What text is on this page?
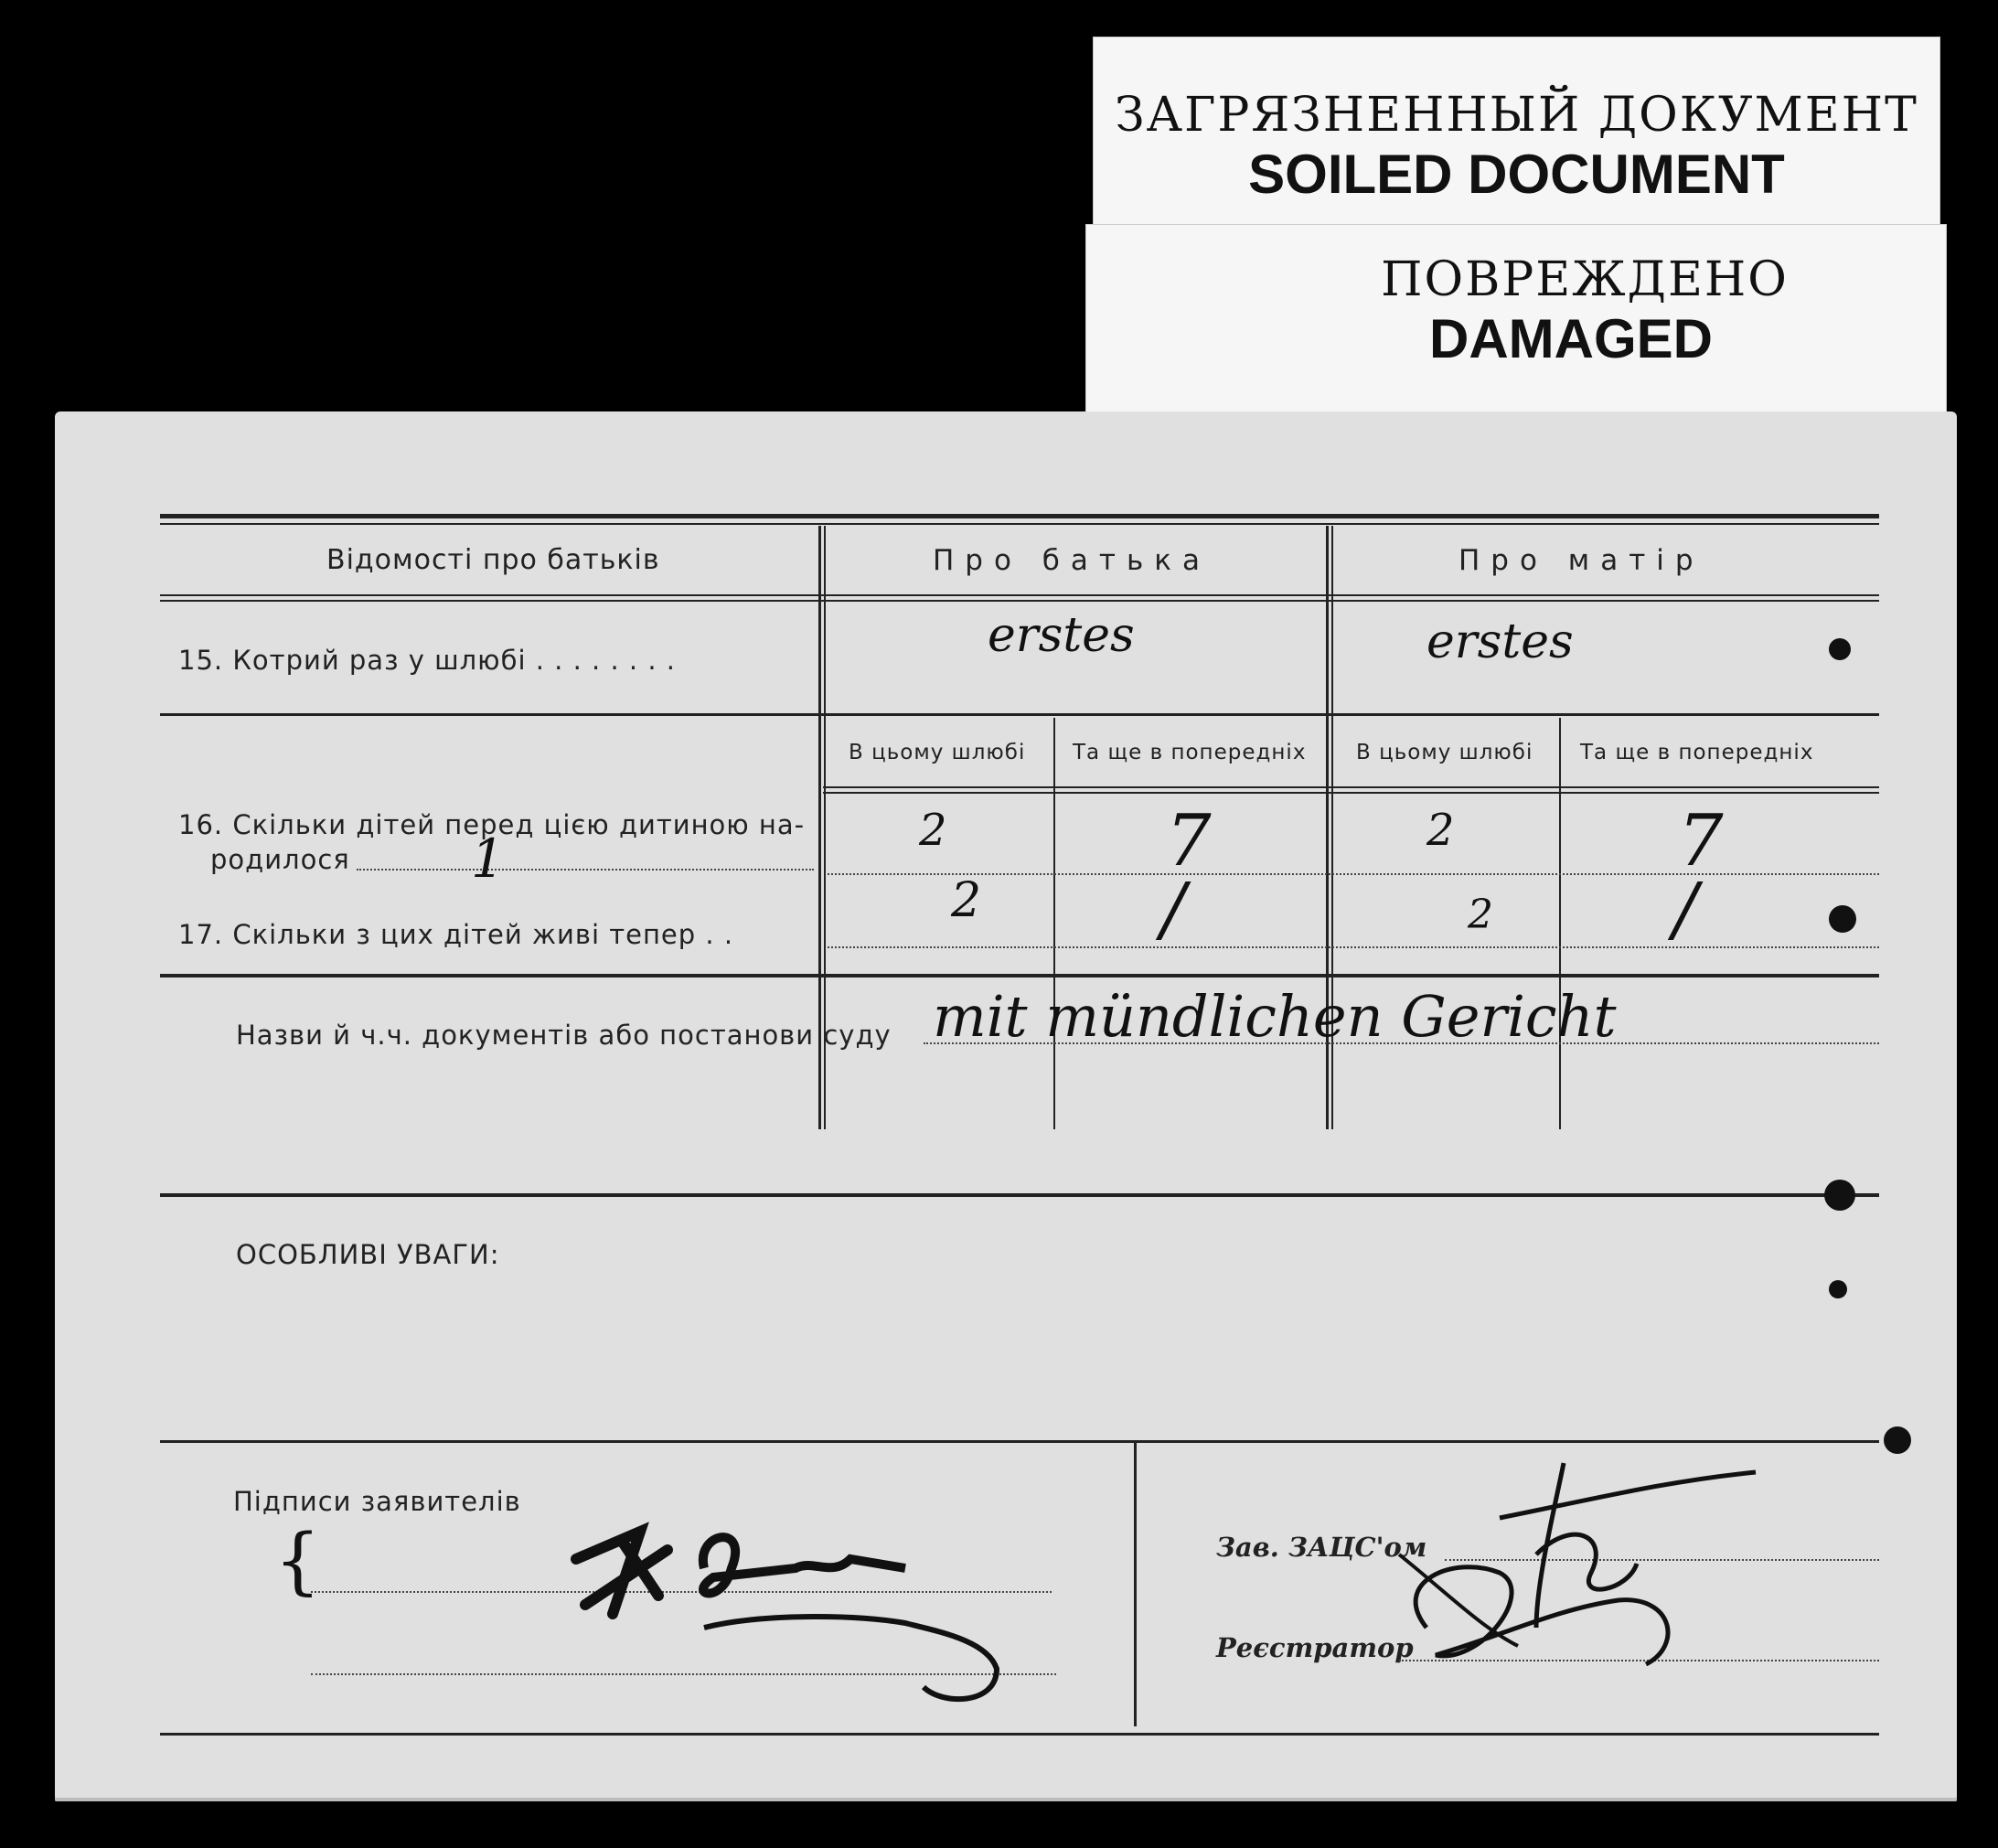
ЗАГРЯЗНЕННЫЙ ДОКУМЕНТ
SOILED DOCUMENT
ПОВРЕЖДЕНО
DAMAGED
Відомості про батьків	Про батька	Про матір
15. Котрий раз у шлюбі . . . . . . . .	erstes	erstes
В цьому шлюбі Та ще в попередніх В цьому шлюбі Та ще в попередніх
16. Скільки дітей перед цією дитиною на-
родилося 1	2	7	2	7
17. Скільки з цих дітей живі тепер . .
2	/	2	/
Назви й ч.ч. документів або постанови суду mit mündlichen Gericht
ОСОБЛИВІ УВАГИ:
Підписи заявителів
{	Зав. ЗАЦС'ом
Реєстратор
